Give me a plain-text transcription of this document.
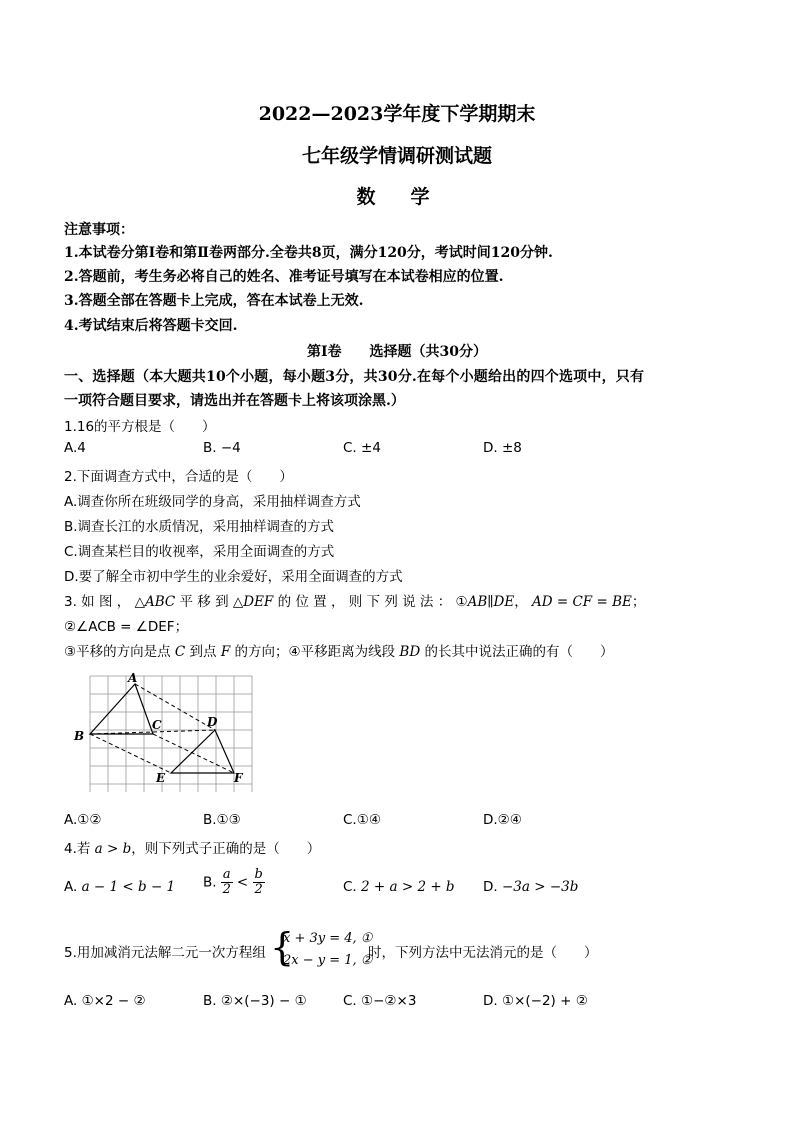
2022—2023学年度下学期期末
七年级学情调研测试题
数　学
注意事项：
1.本试卷分第Ⅰ卷和第Ⅱ卷两部分.全卷共8页，满分120分，考试时间120分钟.
2.答题前，考生务必将自己的姓名、准考证号填写在本试卷相应的位置.
3.答题全部在答题卡上完成，答在本试卷上无效.
4.考试结束后将答题卡交回.
第Ⅰ卷　　选择题（共30分）
一、选择题（本大题共10个小题，每小题3分，共30分.在每个小题给出的四个选项中，只有
一项符合题目要求，请选出并在答题卡上将该项涂黑.）
1.16的平方根是（　　）
A.4	B. −4	C. ±4	D. ±8
2.下面调查方式中，合适的是（　　）
A.调查你所在班级同学的身高，采用抽样调查方式
B.调查长江的水质情况，采用抽样调查的方式
C.调查某栏目的收视率，采用全面调查的方式
D.要了解全市初中学生的业余爱好，采用全面调查的方式
3. 如 图 ， △ABC 平 移 到 △DEF 的 位 置 ， 则 下 列 说 法 ： ①AB∥DE， AD = CF = BE；
②∠ACB = ∠DEF；
③平移的方向是点 C 到点 F 的方向；④平移距离为线段 BD 的长其中说法正确的有（　　）
A
B
C	D
E	F
A.①②	B.①③	C.①④	D.②④
4.若 a > b，则下列式子正确的是（　　）
A. a − 1 < b − 1 B. $\frac{a}{2} < \frac{b}{2}$	C. 2 + a > 2 + b D. −3a > −3b
5.用加减消元法解二元一次方程组 {
x + 3y = 4, ①
2x − y = 1, ②
时，下列方法中无法消元的是（　　）
A. ①×2 − ②	B. ②×(−3) − ①	C. ①−②×3	D. ①×(−2) + ②
